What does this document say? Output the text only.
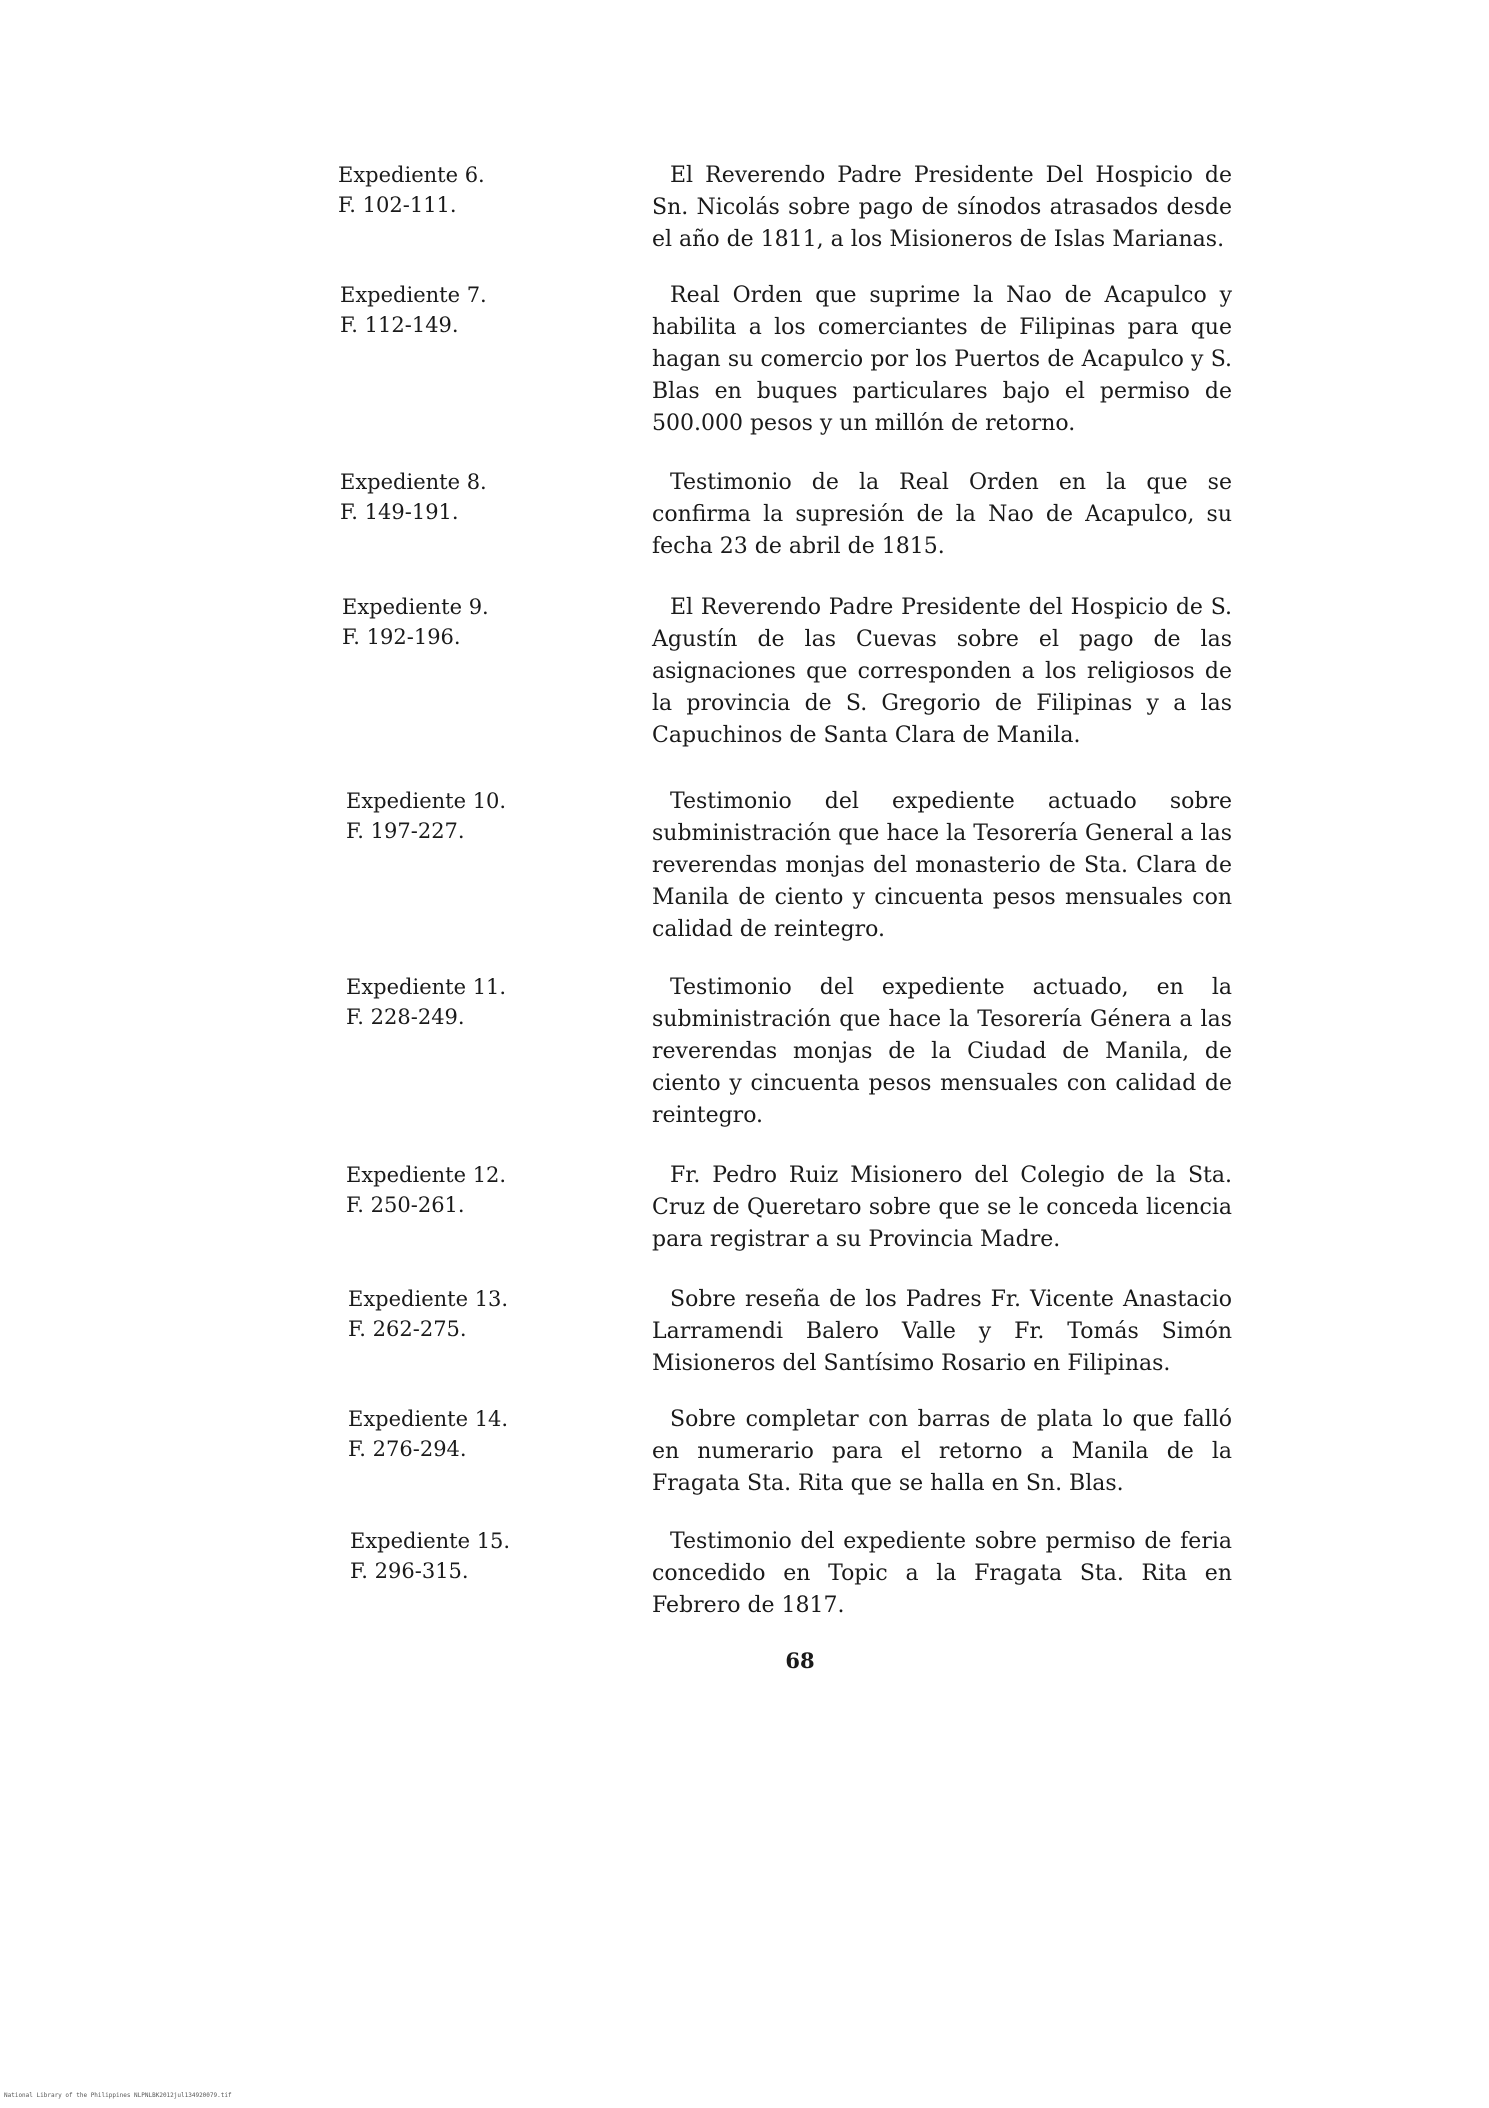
Expediente 6.
F. 102-111.
El Reverendo Padre Presidente Del Hospicio de Sn. Nicolás sobre pago de sínodos atrasados desde el año de 1811, a los Misioneros de Islas Marianas.
Expediente 7.
F. 112-149.
Real Orden que suprime la Nao de Acapulco y habilita a los comerciantes de Filipinas para que hagan su comercio por los Puertos de Acapulco y S. Blas en buques particulares bajo el permiso de 500.000 pesos y un millón de retorno.
Expediente 8.
F. 149-191.
Testimonio de la Real Orden en la que se confirma la supresión de la Nao de Acapulco, su fecha 23 de abril de 1815.
Expediente 9.
F. 192-196.
El Reverendo Padre Presidente del Hospicio de S. Agustín de las Cuevas sobre el pago de las asignaciones que corresponden a los religiosos de la provincia de S. Gregorio de Filipinas y a las Capuchinos de Santa Clara de Manila.
Expediente 10.
F. 197-227.
Testimonio del expediente actuado sobre subministración que hace la Tesorería General a las reverendas monjas del monasterio de Sta. Clara de Manila de ciento y cincuenta pesos mensuales con calidad de reintegro.
Expediente 11.
F. 228-249.
Testimonio del expediente actuado, en la subministración que hace la Tesorería Génera a las reverendas monjas de la Ciudad de Manila, de ciento y cincuenta pesos mensuales con calidad de reintegro.
Expediente 12.
F. 250-261.
Fr. Pedro Ruiz Misionero del Colegio de la Sta. Cruz de Queretaro sobre que se le conceda licencia para registrar a su Provincia Madre.
Expediente 13.
F. 262-275.
Sobre reseña de los Padres Fr. Vicente Anastacio Larramendi Balero Valle y Fr. Tomás Simón Misioneros del Santísimo Rosario en Filipinas.
Expediente 14.
F. 276-294.
Sobre completar con barras de plata lo que falló en numerario para el retorno a Manila de la Fragata Sta. Rita que se halla en Sn. Blas.
Expediente 15.
F. 296-315.
Testimonio del expediente sobre permiso de feria concedido en Topic a la Fragata Sta. Rita en Febrero de 1817.
68
National Library of the Philippines NLPNLBK2012jul134920079.tif
